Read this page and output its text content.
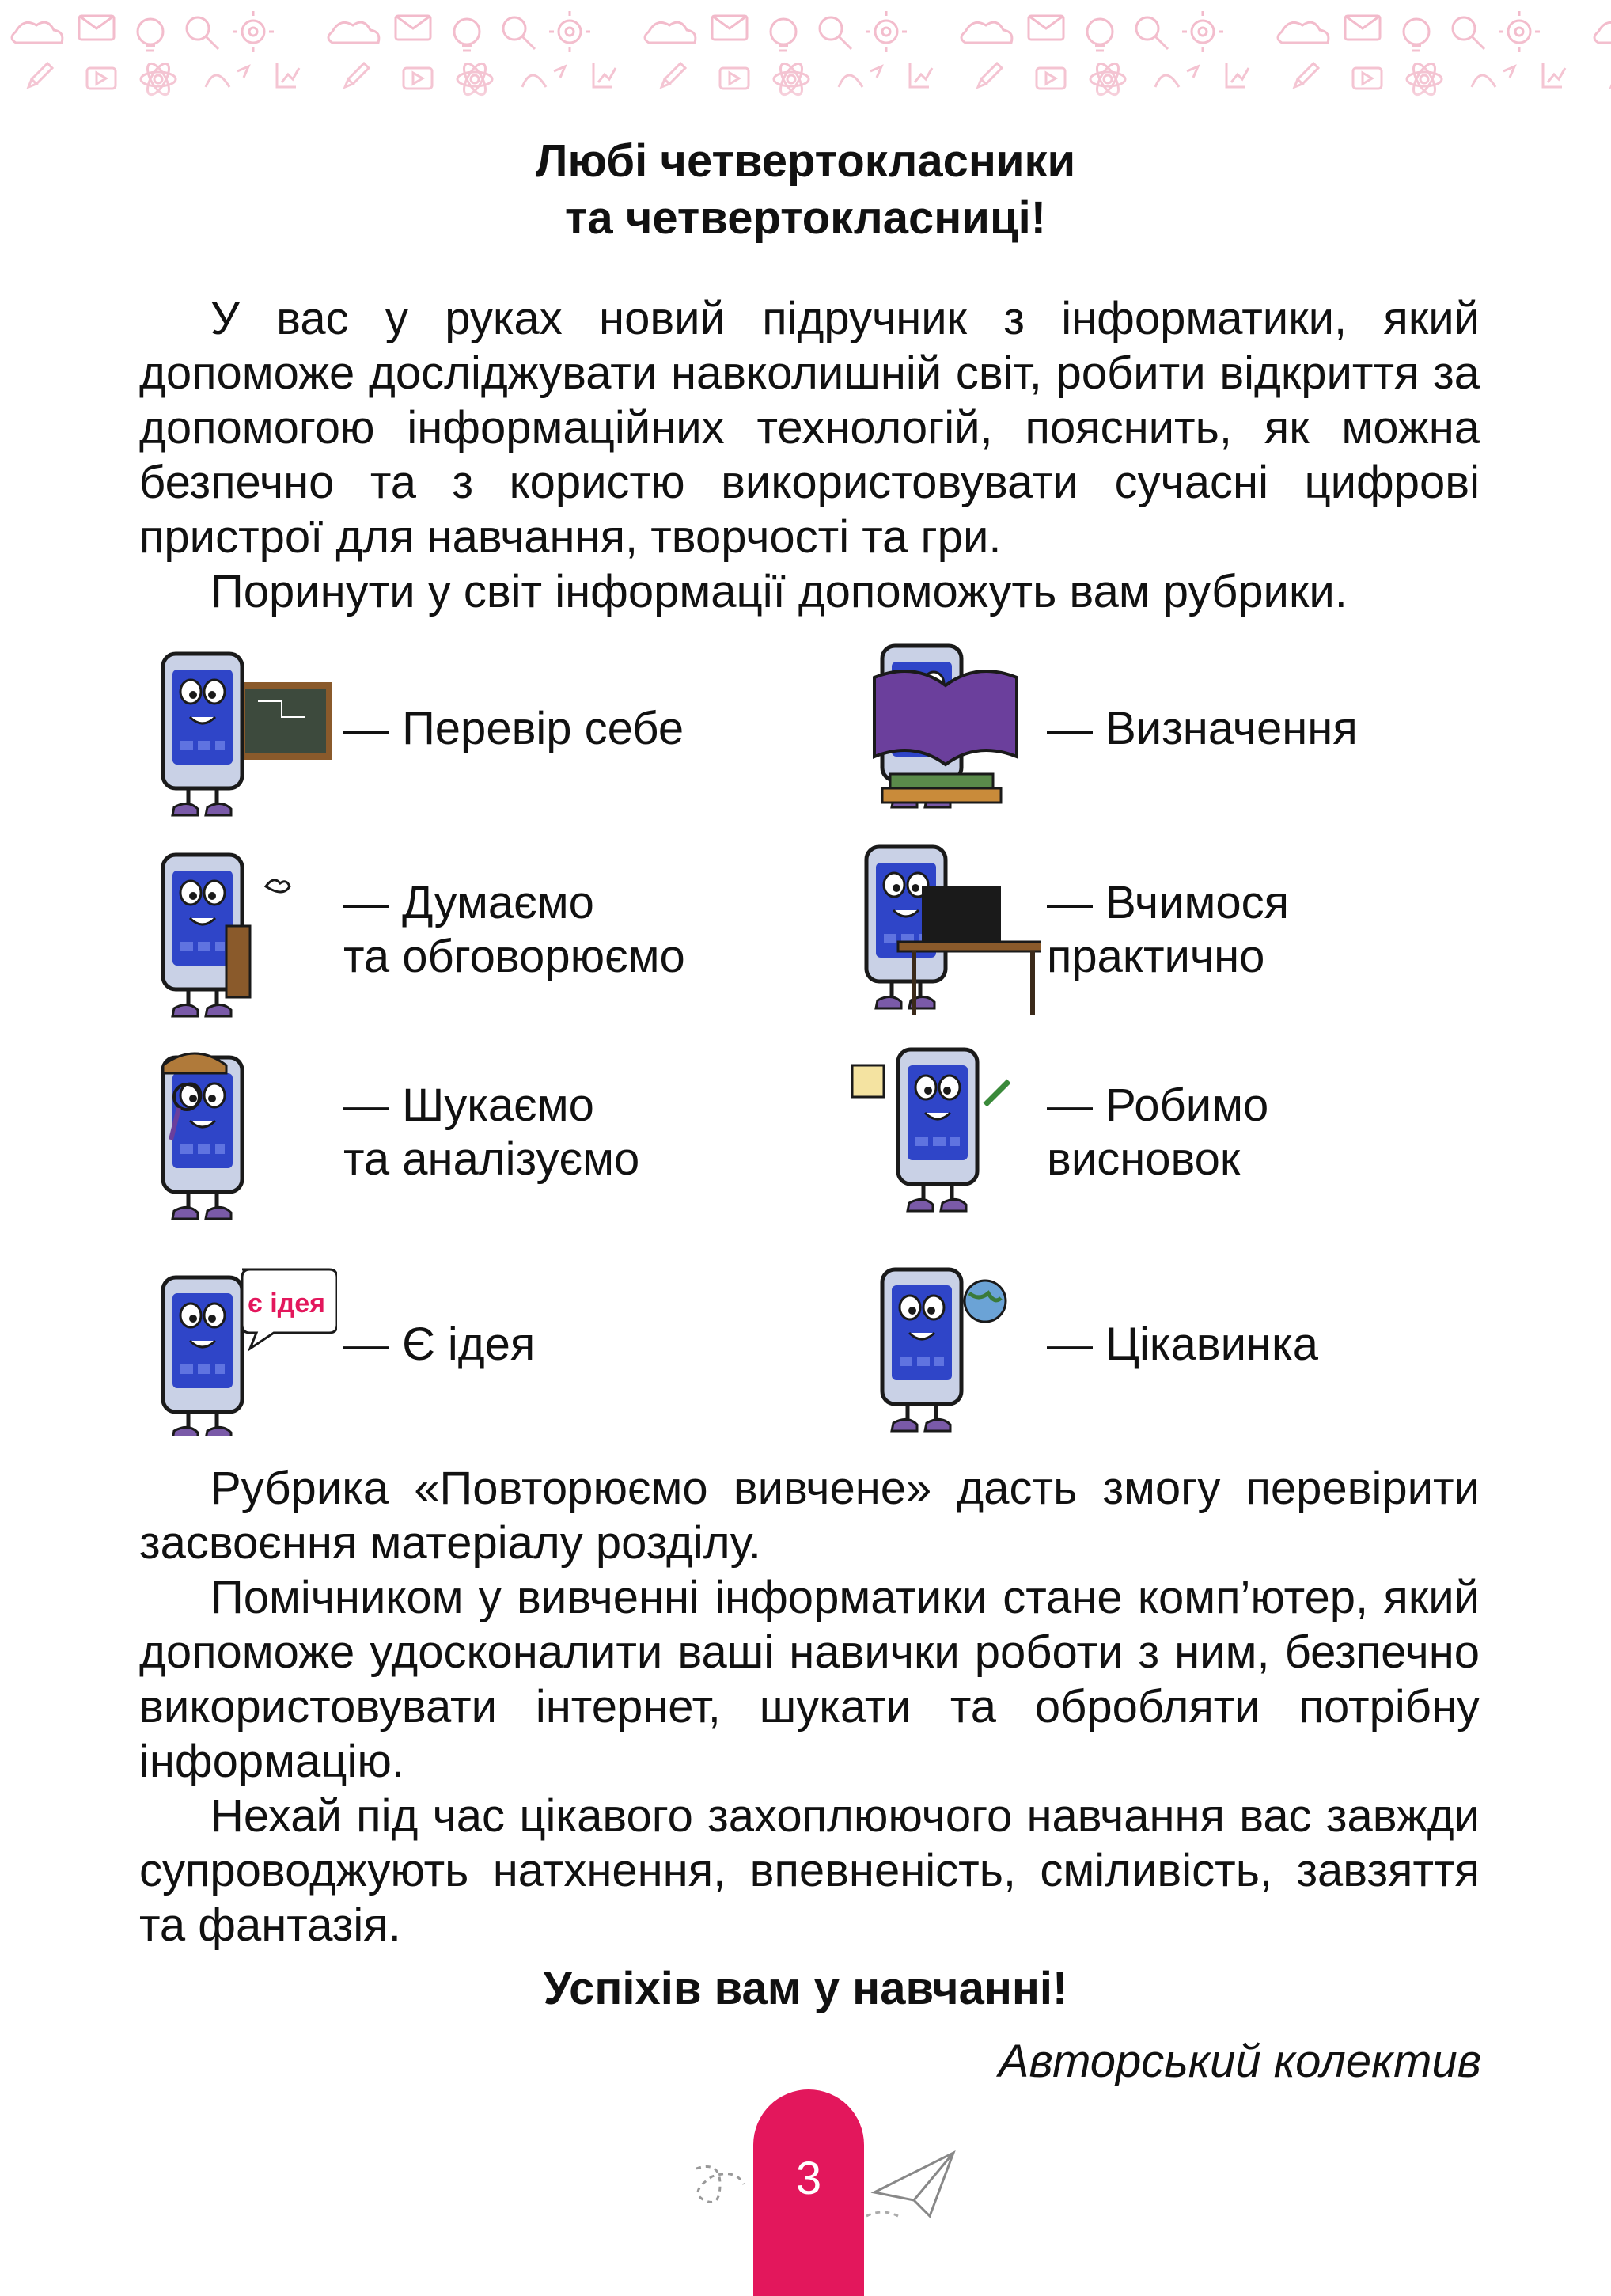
Любі четвертокласники
та четвертокласниці!

У вас у руках новий підручник з інформатики, який допоможе досліджувати навколишній світ, робити відкриття за допомогою інформаційних технологій, пояснить, як можна безпечно та з користю використовувати сучасні цифрові пристрої для навчання, творчості та гри.

Поринути у світ інформації допоможуть вам рубрики.

— Перевір себе	— Визначення
— Думаємо
та обговорюємо
— Вчимося
практично
— Шукаємо
та аналізуємо
— Робимо
висновок
є ідея
— Є ідея	— Цікавинка

Рубрика «Повторюємо вивчене» дасть змогу перевірити засвоєння матеріалу розділу.

Помічником у вивченні інформатики стане комп’ютер, який допоможе удосконалити ваші навички роботи з ним, безпечно використовувати інтернет, шукати та обробляти потрібну інформацію.

Нехай під час цікавого захоплюючого навчання вас завжди супроводжують натхнення, впевненість, сміливість, завзяття та фантазія.

Успіхів вам у навчанні!

Авторський колектив

3
